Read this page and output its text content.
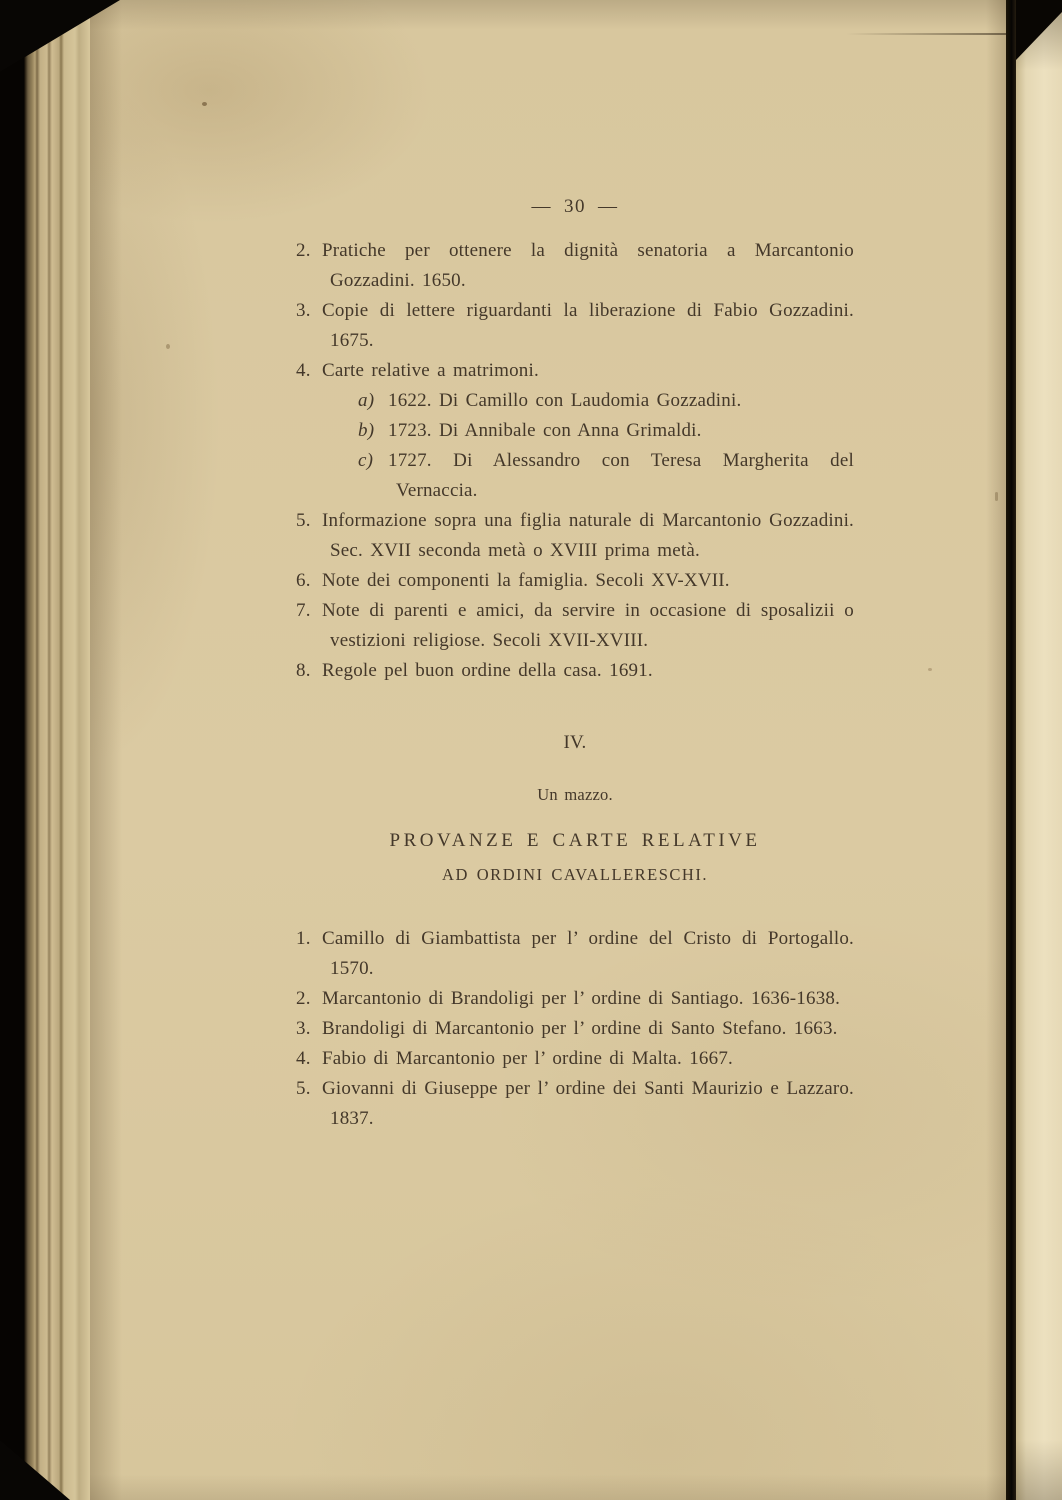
— 30 —
2. Pratiche per ottenere la dignità senatoria a Marcantonio Gozzadini. 1650.
3. Copie di lettere riguardanti la liberazione di Fabio Gozzadini. 1675.
4. Carte relative a matrimoni.
a) 1622. Di Camillo con Laudomia Gozzadini.
b) 1723. Di Annibale con Anna Grimaldi.
c) 1727. Di Alessandro con Teresa Margherita del Vernaccia.
5. Informazione sopra una figlia naturale di Marcantonio Gozzadini. Sec. XVII seconda metà o XVIII prima metà.
6. Note dei componenti la famiglia. Secoli XV-XVII.
7. Note di parenti e amici, da servire in occasione di sposalizii o vestizioni religiose. Secoli XVII-XVIII.
8. Regole pel buon ordine della casa. 1691.
IV.
Un mazzo.
PROVANZE E CARTE RELATIVE
AD ORDINI CAVALLERESCHI.
1. Camillo di Giambattista per l’ ordine del Cristo di Portogallo. 1570.
2. Marcantonio di Brandoligi per l’ ordine di Santiago. 1636-1638.
3. Brandoligi di Marcantonio per l’ ordine di Santo Stefano. 1663.
4. Fabio di Marcantonio per l’ ordine di Malta. 1667.
5. Giovanni di Giuseppe per l’ ordine dei Santi Maurizio e Lazzaro. 1837.
